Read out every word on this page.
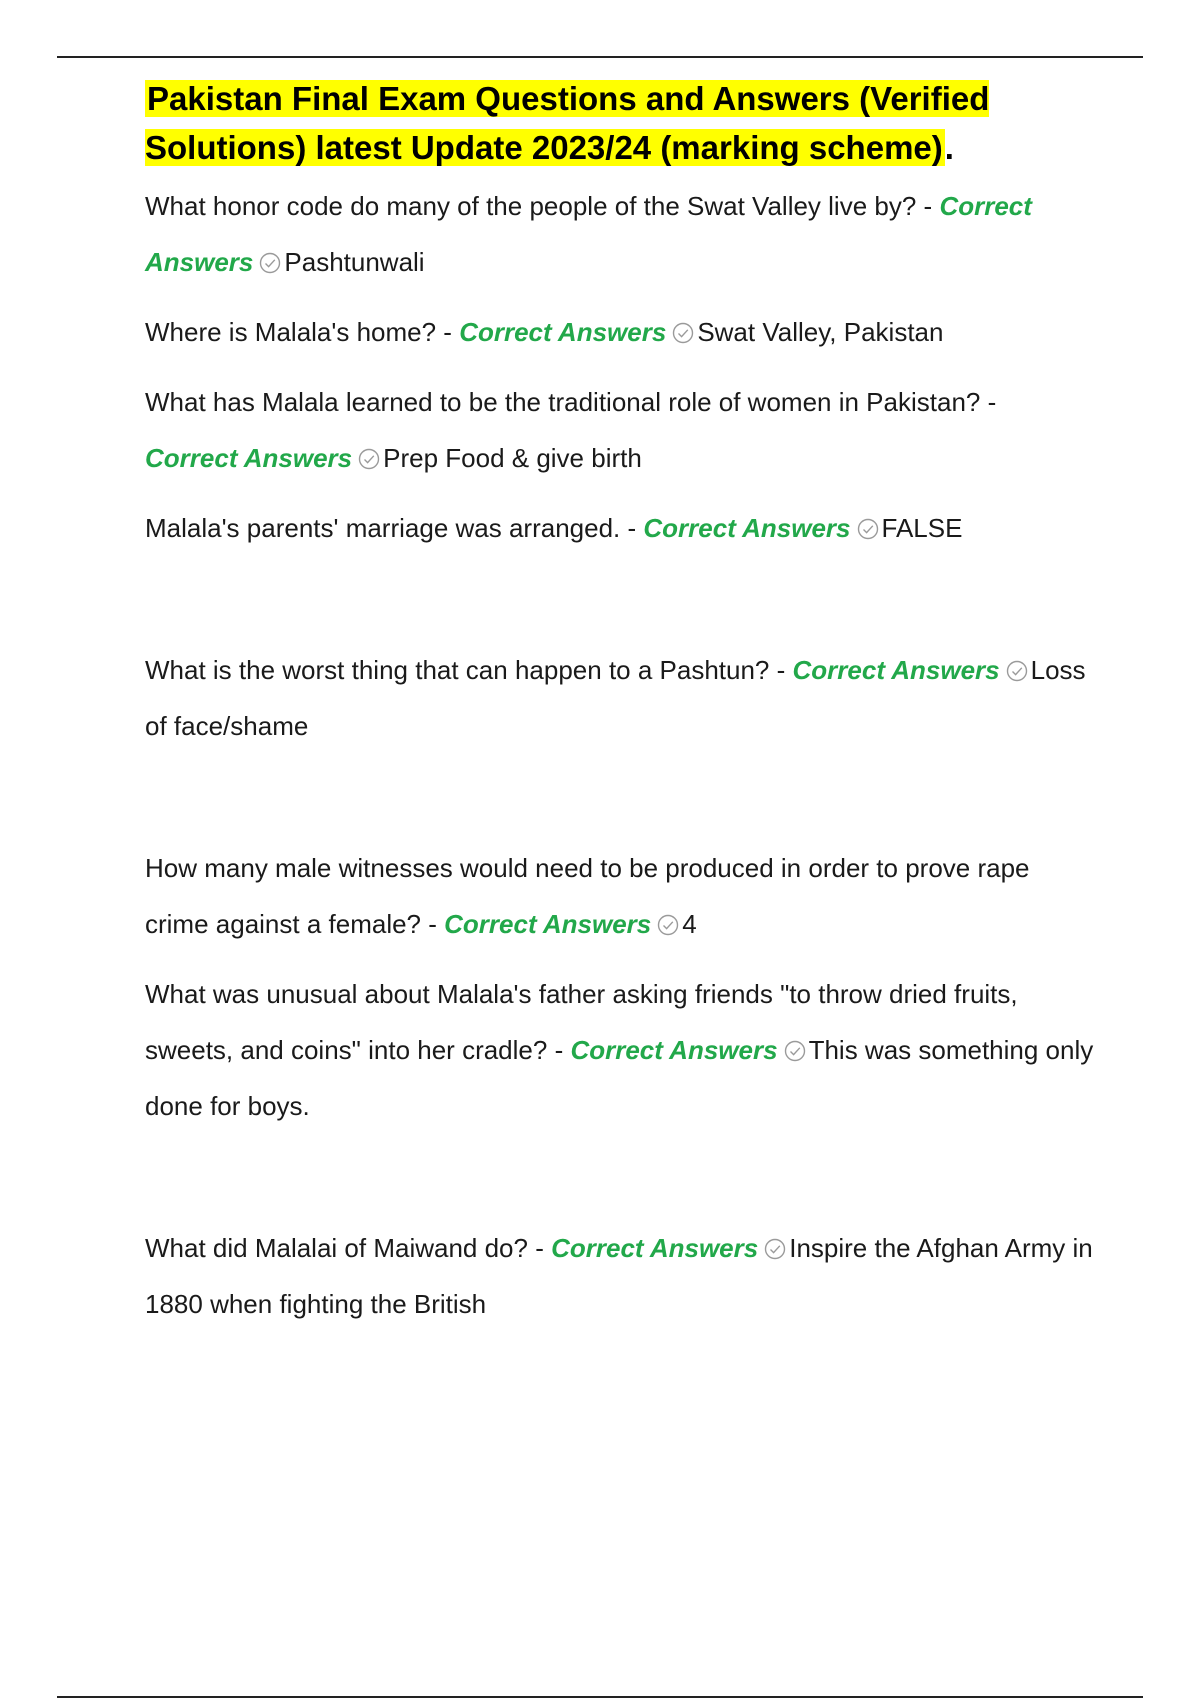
Pakistan Final Exam Questions and Answers (Verified Solutions) latest Update 2023/24 (marking scheme).

What honor code do many of the people of the Swat Valley live by? - Correct Answers Pashtunwali

Where is Malala's home? - Correct Answers Swat Valley, Pakistan

What has Malala learned to be the traditional role of women in Pakistan? - Correct Answers Prep Food & give birth

Malala's parents' marriage was arranged. - Correct Answers FALSE

What is the worst thing that can happen to a Pashtun? - Correct Answers Loss of face/shame

How many male witnesses would need to be produced in order to prove rape crime against a female? - Correct Answers 4

What was unusual about Malala's father asking friends "to throw dried fruits, sweets, and coins" into her cradle? - Correct Answers This was something only done for boys.

What did Malalai of Maiwand do? - Correct Answers Inspire the Afghan Army in 1880 when fighting the British
